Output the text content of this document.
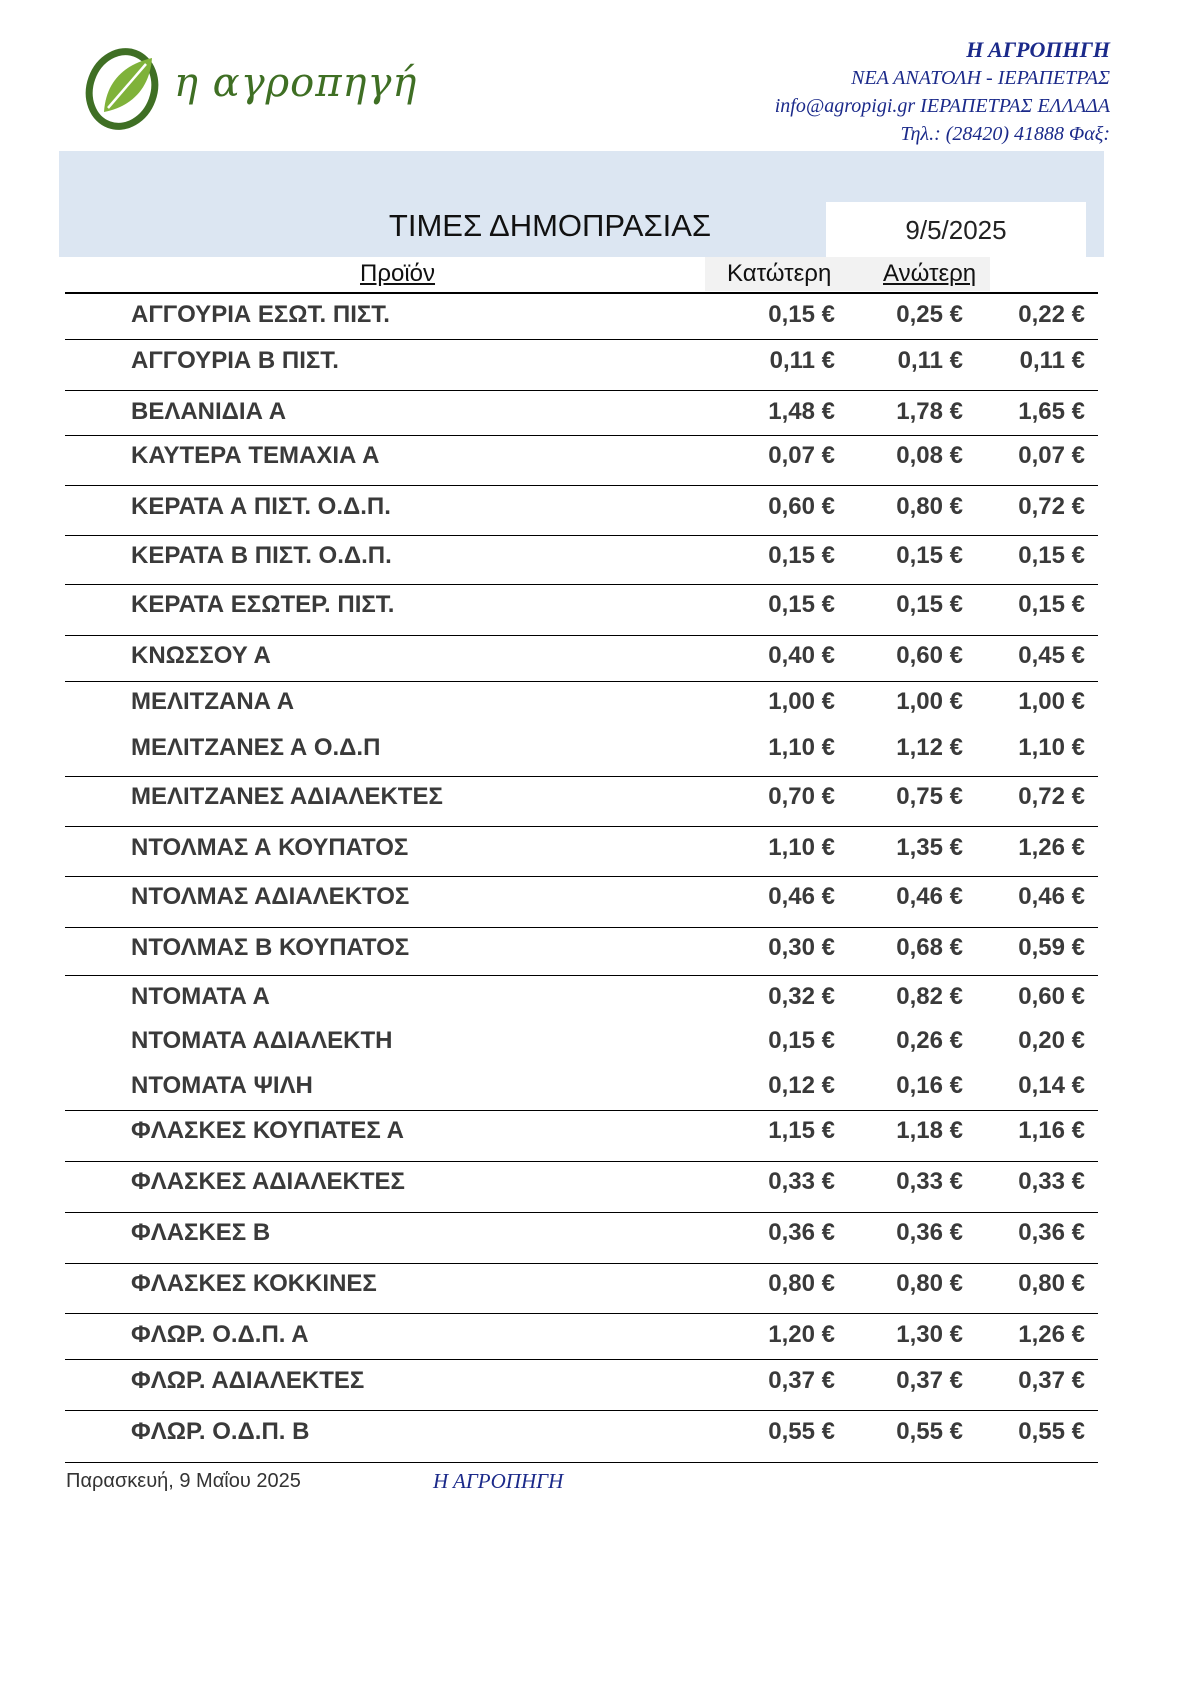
η αγροπηγή
Η ΑΓΡΟΠΗΓΗ
ΝΕΑ ΑΝΑΤΟΛΗ - ΙΕΡΑΠΕΤΡΑΣ
info@agropigi.gr ΙΕΡΑΠΕΤΡΑΣ ΕΛΛΑΔΑ
Τηλ.: (28420) 41888 Φαξ:
ΤΙΜΕΣ ΔΗΜΟΠΡΑΣΙΑΣ	9/5/2025
Προϊόν	Κατώτερη Ανώτερη
ΑΓΓΟΥΡΙΑ ΕΣΩΤ. ΠΙΣΤ.	0,15 €	0,25 €	0,22 €
ΑΓΓΟΥΡΙΑ Β ΠΙΣΤ.	0,11 €	0,11 €	0,11 €
ΒΕΛΑΝΙΔΙΑ Α	1,48 €	1,78 €	1,65 €
ΚΑΥΤΕΡΑ ΤΕΜΑΧΙΑ Α	0,07 €	0,08 €	0,07 €
ΚΕΡΑΤΑ Α ΠΙΣΤ. Ο.Δ.Π.	0,60 €	0,80 €	0,72 €
ΚΕΡΑΤΑ Β ΠΙΣΤ. Ο.Δ.Π.	0,15 €	0,15 €	0,15 €
ΚΕΡΑΤΑ ΕΣΩΤΕΡ. ΠΙΣΤ.	0,15 €	0,15 €	0,15 €
ΚΝΩΣΣΟΥ Α	0,40 €	0,60 €	0,45 €
ΜΕΛΙΤΖΑΝΑ Α	1,00 €	1,00 €	1,00 €
ΜΕΛΙΤΖΑΝΕΣ Α Ο.Δ.Π	1,10 €	1,12 €	1,10 €
ΜΕΛΙΤΖΑΝΕΣ ΑΔΙΑΛΕΚΤΕΣ	0,70 €	0,75 €	0,72 €
ΝΤΟΛΜΑΣ Α ΚΟΥΠΑΤΟΣ	1,10 €	1,35 €	1,26 €
ΝΤΟΛΜΑΣ ΑΔΙΑΛΕΚΤΟΣ	0,46 €	0,46 €	0,46 €
ΝΤΟΛΜΑΣ Β ΚΟΥΠΑΤΟΣ	0,30 €	0,68 €	0,59 €
ΝΤΟΜΑΤΑ Α	0,32 €	0,82 €	0,60 €
ΝΤΟΜΑΤΑ ΑΔΙΑΛΕΚΤΗ	0,15 €	0,26 €	0,20 €
ΝΤΟΜΑΤΑ ΨΙΛΗ	0,12 €	0,16 €	0,14 €
ΦΛΑΣΚΕΣ ΚΟΥΠΑΤΕΣ Α	1,15 €	1,18 €	1,16 €
ΦΛΑΣΚΕΣ ΑΔΙΑΛΕΚΤΕΣ	0,33 €	0,33 €	0,33 €
ΦΛΑΣΚΕΣ Β	0,36 €	0,36 €	0,36 €
ΦΛΑΣΚΕΣ ΚΟΚΚΙΝΕΣ	0,80 €	0,80 €	0,80 €
ΦΛΩΡ. Ο.Δ.Π. Α	1,20 €	1,30 €	1,26 €
ΦΛΩΡ. ΑΔΙΑΛΕΚΤΕΣ	0,37 €	0,37 €	0,37 €
ΦΛΩΡ. Ο.Δ.Π. Β	0,55 €	0,55 €	0,55 €
Παρασκευή, 9 Μαΐου 2025	Η ΑΓΡΟΠΗΓΗ
